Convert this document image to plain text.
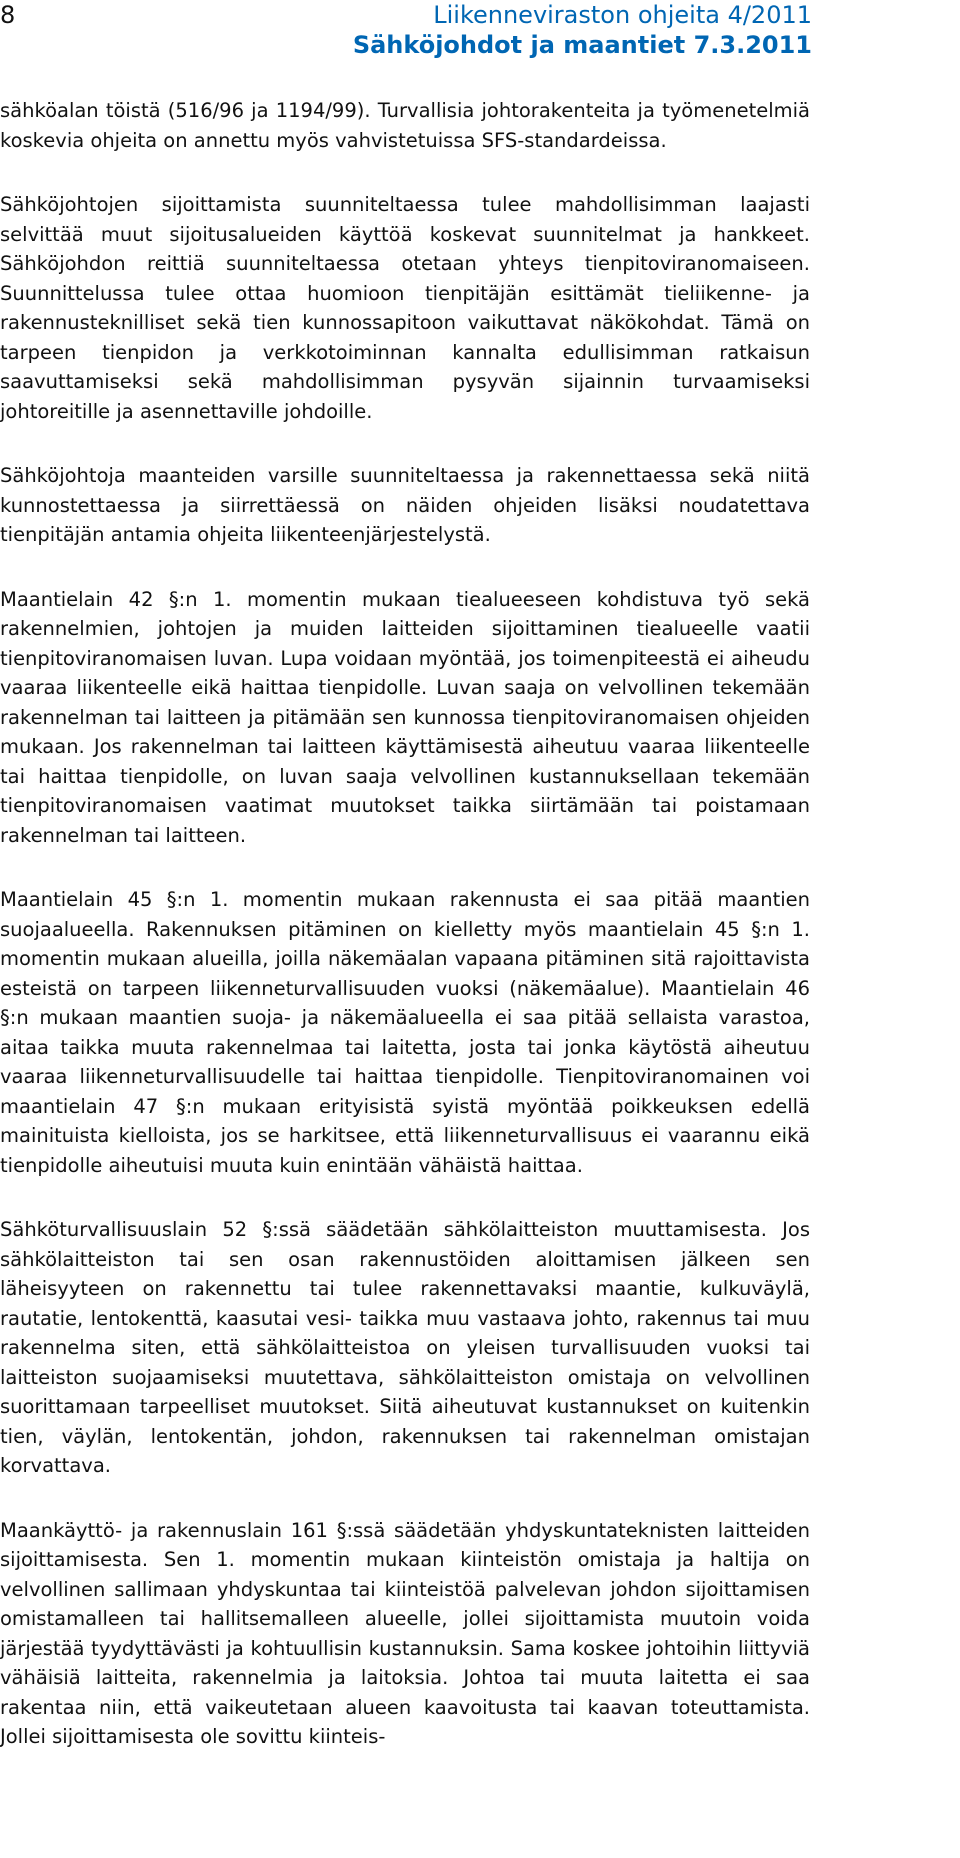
8	Liikenneviraston ohjeita 4/2011
Sähköjohdot ja maantiet 7.3.2011

sähköalan töistä (516/96 ja 1194/99). Turvallisia johtorakenteita ja työmenetelmiä koskevia ohjeita on annettu myös vahvistetuissa SFS-standardeissa.

Sähköjohtojen sijoittamista suunniteltaessa tulee mahdollisimman laajasti selvittää muut sijoitusalueiden käyttöä koskevat suunnitelmat ja hankkeet. Sähköjohdon reittiä suunniteltaessa otetaan yhteys tienpitoviranomaiseen. Suunnittelussa tulee ottaa huomioon tienpitäjän esittämät tieliikenne- ja rakennusteknilliset sekä tien kunnossapitoon vaikuttavat näkökohdat. Tämä on tarpeen tienpidon ja verkkotoiminnan kannalta edullisimman ratkaisun saavuttamiseksi sekä mahdollisimman pysyvän sijainnin turvaamiseksi johtoreitille ja asennettaville johdoille.

Sähköjohtoja maanteiden varsille suunniteltaessa ja rakennettaessa sekä niitä kunnostettaessa ja siirrettäessä on näiden ohjeiden lisäksi noudatettava tienpitäjän antamia ohjeita liikenteenjärjestelystä.

Maantielain 42 §:n 1. momentin mukaan tiealueeseen kohdistuva työ sekä rakennelmien, johtojen ja muiden laitteiden sijoittaminen tiealueelle vaatii tienpitoviranomaisen luvan. Lupa voidaan myöntää, jos toimenpiteestä ei aiheudu vaaraa liikenteelle eikä haittaa tienpidolle. Luvan saaja on velvollinen tekemään rakennelman tai laitteen ja pitämään sen kunnossa tienpitoviranomaisen ohjeiden mukaan. Jos rakennelman tai laitteen käyttämisestä aiheutuu vaaraa liikenteelle tai haittaa tienpidolle, on luvan saaja velvollinen kustannuksellaan tekemään tienpitoviranomaisen vaatimat muutokset taikka siirtämään tai poistamaan rakennelman tai laitteen.

Maantielain 45 §:n 1. momentin mukaan rakennusta ei saa pitää maantien suojaalueella. Rakennuksen pitäminen on kielletty myös maantielain 45 §:n 1. momentin mukaan alueilla, joilla näkemäalan vapaana pitäminen sitä rajoittavista esteistä on tarpeen liikenneturvallisuuden vuoksi (näkemäalue). Maantielain 46 §:n mukaan maantien suoja- ja näkemäalueella ei saa pitää sellaista varastoa, aitaa taikka muuta rakennelmaa tai laitetta, josta tai jonka käytöstä aiheutuu vaaraa liikenneturvallisuudelle tai haittaa tienpidolle. Tienpitoviranomainen voi maantielain 47 §:n mukaan erityisistä syistä myöntää poikkeuksen edellä mainituista kielloista, jos se harkitsee, että liikenneturvallisuus ei vaarannu eikä tienpidolle aiheutuisi muuta kuin enintään vähäistä haittaa.

Sähköturvallisuuslain 52 §:ssä säädetään sähkölaitteiston muuttamisesta. Jos sähkölaitteiston tai sen osan rakennustöiden aloittamisen jälkeen sen läheisyyteen on rakennettu tai tulee rakennettavaksi maantie, kulkuväylä, rautatie, lentokenttä, kaasutai vesi- taikka muu vastaava johto, rakennus tai muu rakennelma siten, että sähkölaitteistoa on yleisen turvallisuuden vuoksi tai laitteiston suojaamiseksi muutettava, sähkölaitteiston omistaja on velvollinen suorittamaan tarpeelliset muutokset. Siitä aiheutuvat kustannukset on kuitenkin tien, väylän, lentokentän, johdon, rakennuksen tai rakennelman omistajan korvattava.

Maankäyttö- ja rakennuslain 161 §:ssä säädetään yhdyskuntateknisten laitteiden sijoittamisesta. Sen 1. momentin mukaan kiinteistön omistaja ja haltija on velvollinen sallimaan yhdyskuntaa tai kiinteistöä palvelevan johdon sijoittamisen omistamalleen tai hallitsemalleen alueelle, jollei sijoittamista muutoin voida järjestää tyydyttävästi ja kohtuullisin kustannuksin. Sama koskee johtoihin liittyviä vähäisiä laitteita, rakennelmia ja laitoksia. Johtoa tai muuta laitetta ei saa rakentaa niin, että vaikeutetaan alueen kaavoitusta tai kaavan toteuttamista. Jollei sijoittamisesta ole sovittu kiinteis-
